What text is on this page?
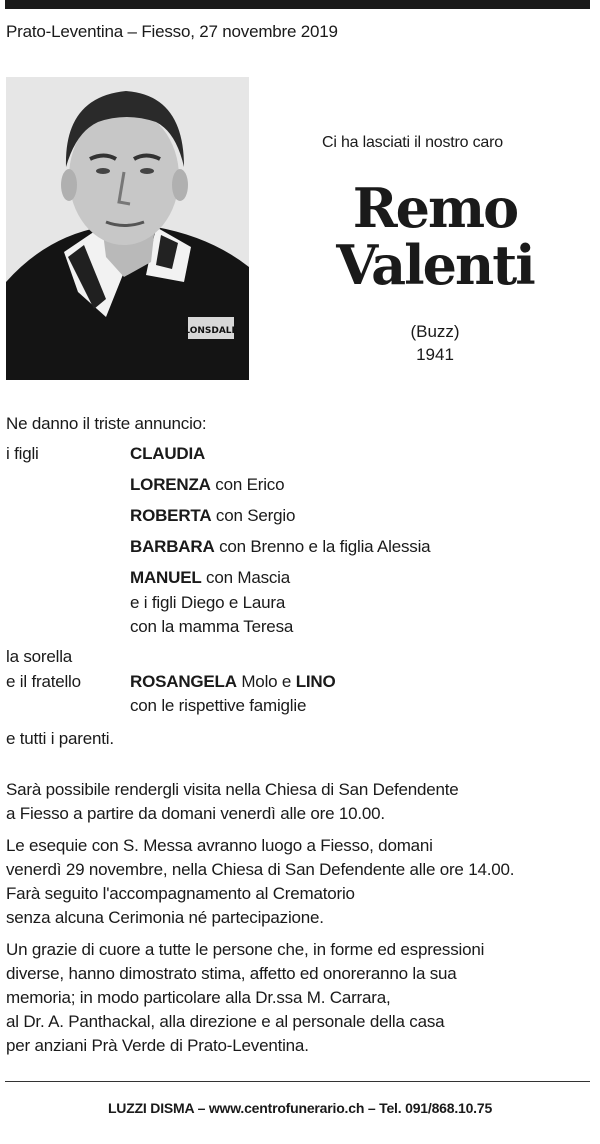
Prato-Leventina – Fiesso, 27 novembre 2019
LONSDALE
Ci ha lasciati il nostro caro
Remo
Valenti
(Buzz)
1941
Ne danno il triste annuncio:
i figli	CLAUDIA
LORENZA con Erico
ROBERTA con Sergio
BARBARA con Brenno e la figlia Alessia
MANUEL con Mascia
e i figli Diego e Laura
con la mamma Teresa
la sorella
e il fratello	ROSANGELA Molo e LINO
con le rispettive famiglie
e tutti i parenti.
Sarà possibile rendergli visita nella Chiesa di San Defendente
a Fiesso a partire da domani venerdì alle ore 10.00.
Le esequie con S. Messa avranno luogo a Fiesso, domani
venerdì 29 novembre, nella Chiesa di San Defendente alle ore 14.00.
Farà seguito l'accompagnamento al Crematorio
senza alcuna Cerimonia né partecipazione.
Un grazie di cuore a tutte le persone che, in forme ed espressioni
diverse, hanno dimostrato stima, affetto ed onoreranno la sua
memoria; in modo particolare alla Dr.ssa M. Carrara,
al Dr. A. Panthackal, alla direzione e al personale della casa
per anziani Prà Verde di Prato-Leventina.
LUZZI DISMA – www.centrofunerario.ch – Tel. 091/868.10.75
